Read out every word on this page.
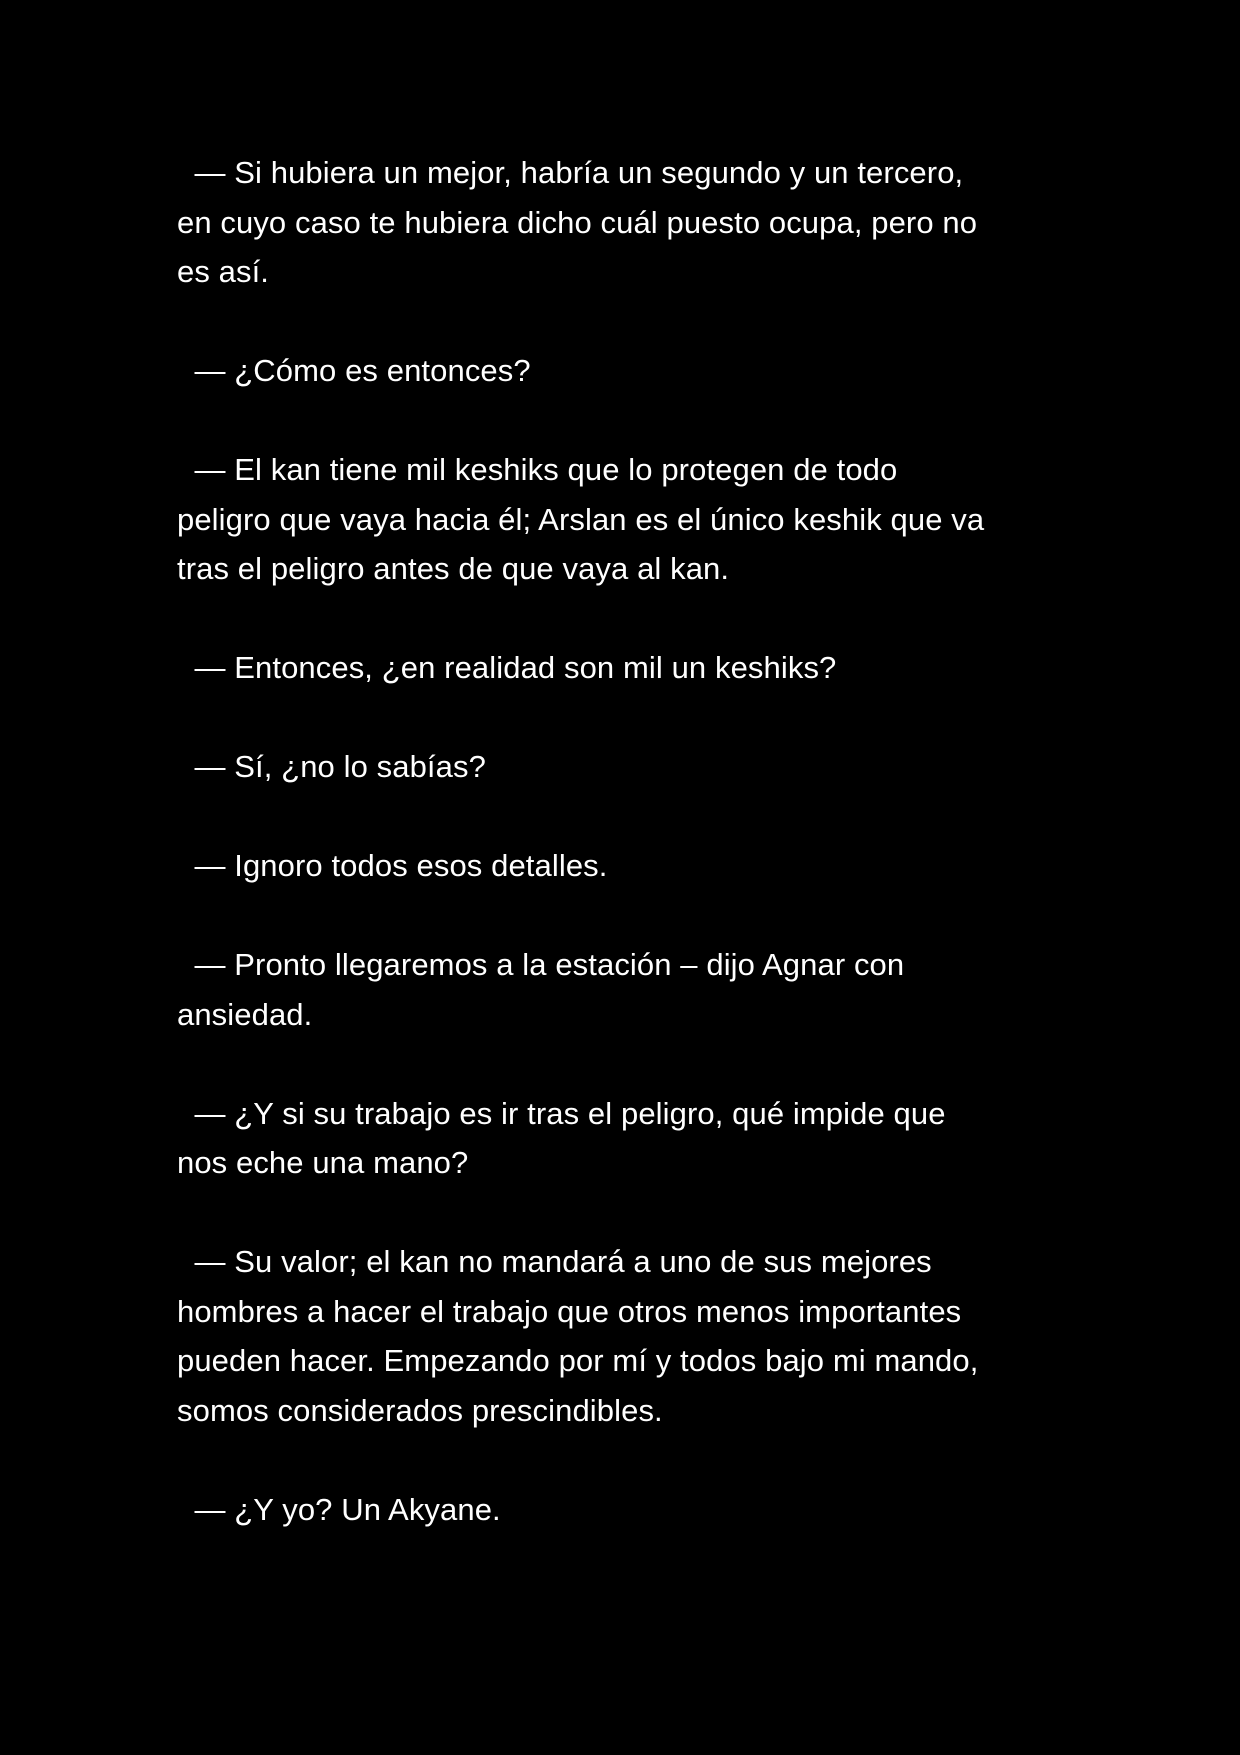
— Si hubiera un mejor, habría un segundo y un tercero,
en cuyo caso te hubiera dicho cuál puesto ocupa, pero no
es así.

— ¿Cómo es entonces?

— El kan tiene mil keshiks que lo protegen de todo
peligro que vaya hacia él; Arslan es el único keshik que va
tras el peligro antes de que vaya al kan.

— Entonces, ¿en realidad son mil un keshiks?

— Sí, ¿no lo sabías?

— Ignoro todos esos detalles.

— Pronto llegaremos a la estación – dijo Agnar con
ansiedad.

— ¿Y si su trabajo es ir tras el peligro, qué impide que
nos eche una mano?

— Su valor; el kan no mandará a uno de sus mejores
hombres a hacer el trabajo que otros menos importantes
pueden hacer. Empezando por mí y todos bajo mi mando,
somos considerados prescindibles.

— ¿Y yo? Un Akyane.
